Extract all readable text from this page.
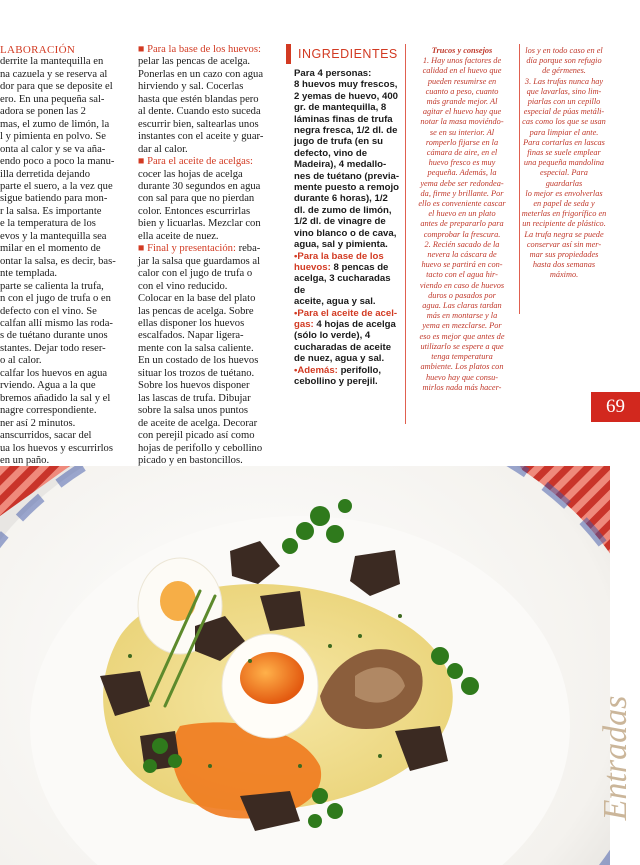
LABORACIÓN

derrite la mantequilla en

na cazuela y se reserva al

dor para que se deposite el

ero. En una pequeña sal-

adora se ponen las 2

mas, el zumo de limón, la

l y pimienta en polvo. Se

onta al calor y se va aña-

endo poco a poco la manu-

illa derretida dejando

parte el suero, a la vez que

sigue batiendo para mon-

r la salsa. Es importante

e la temperatura de los

evos y la mantequilla sea

milar en el momento de

ontar la salsa, es decir, bas-

nte templada.

parte se calienta la trufa,

n con el jugo de trufa o en

defecto con el vino. Se

calfan allí mismo las roda-

s de tuétano durante unos

stantes. Dejar todo reser-

o al calor.

calfar los huevos en agua

rviendo. Agua a la que

bremos añadido la sal y el

nagre correspondiente.

ner así 2 minutos.

anscurridos, sacar del

ua los huevos y escurrirlos

en un paño.

■ Para la base de los huevos:

pelar las pencas de acelga.

Ponerlas en un cazo con agua

hirviendo y sal. Cocerlas

hasta que estén blandas pero

al dente. Cuando esto suceda

escurrir bien, saltearlas unos

instantes con el aceite y guar-

dar al calor.

■ Para el aceite de acelgas:

cocer las hojas de acelga

durante 30 segundos en agua

con sal para que no pierdan

color. Entonces escurrirlas

bien y licuarlas. Mezclar con

ella aceite de nuez.

■ Final y presentación: reba-

jar la salsa que guardamos al

calor con el jugo de trufa o

con el vino reducido.

Colocar en la base del plato

las pencas de acelga. Sobre

ellas disponer los huevos

escalfados. Napar ligera-

mente con la salsa caliente.

En un costado de los huevos

situar los trozos de tuétano.

Sobre los huevos disponer

las lascas de trufa. Dibujar

sobre la salsa unos puntos

de aceite de acelga. Decorar

con perejil picado así como

hojas de perifollo y cebollino

picado y en bastoncillos.

INGREDIENTES

Para 4 personas:

8 huevos muy frescos,

2 yemas de huevo, 400

gr. de mantequilla, 8

láminas finas de trufa

negra fresca, 1/2 dl. de

jugo de trufa (en su

defecto, vino de

Madeira), 4 medallo-

nes de tuétano (previa-

mente puesto a remojo

durante 6 horas), 1/2

dl. de zumo de limón,

1/2 dl. de vinagre de

vino blanco o de cava,

agua, sal y pimienta.

•Para la base de los

huevos: 8 pencas de

acelga, 3 cucharadas de

aceite, agua y sal.

•Para el aceite de acel-

gas: 4 hojas de acelga

(sólo lo verde), 4

cucharadas de aceite

de nuez, agua y sal.

•Además: perifollo,

cebollino y perejil.

Trucos y consejos

1. Hay unos factores de

calidad en el huevo que

pueden resumirse en

cuanto a peso, cuanto

más grande mejor. Al

agitar el huevo hay que

notar la masa moviéndo-

se en su interior. Al

romperlo fijarse en la

cámara de aire, en el

huevo fresco es muy

pequeña. Además, la

yema debe ser redondea-

da, firme y brillante. Por

ello es conveniente cascar

el huevo en un plato

antes de prepararlo para

comprobar la frescura.

2. Recién sacado de la

nevera la cáscara de

huevo se partirá en con-

tacto con el agua hir-

viendo en caso de huevos

duros o pasados por

agua. Las claras tardan

más en montarse y la

yema en mezclarse. Por

eso es mejor que antes de

utilizarlo se espere a que

tenga temperatura

ambiente. Los platos con

huevo hay que consu-

mirlos nada más hacer-

los y en todo caso en el

día porque son refugio

de gérmenes.

3. Las trufas nunca hay

que lavarlas, sino lim-

piarlas con un cepillo

especial de púas metáli-

cas como los que se usan

para limpiar el ante.

Para cortarlas en lascas

finas se suele emplear

una pequeña mandolina

especial. Para guardarlas

lo mejor es envolverlas

en papel de seda y

meterlas en frigorífico en

un recipiente de plástico.

La trufa negra se puede

conservar así sin mer-

mar sus propiedades

hasta dos semanas

máximo.

69
Entradas
